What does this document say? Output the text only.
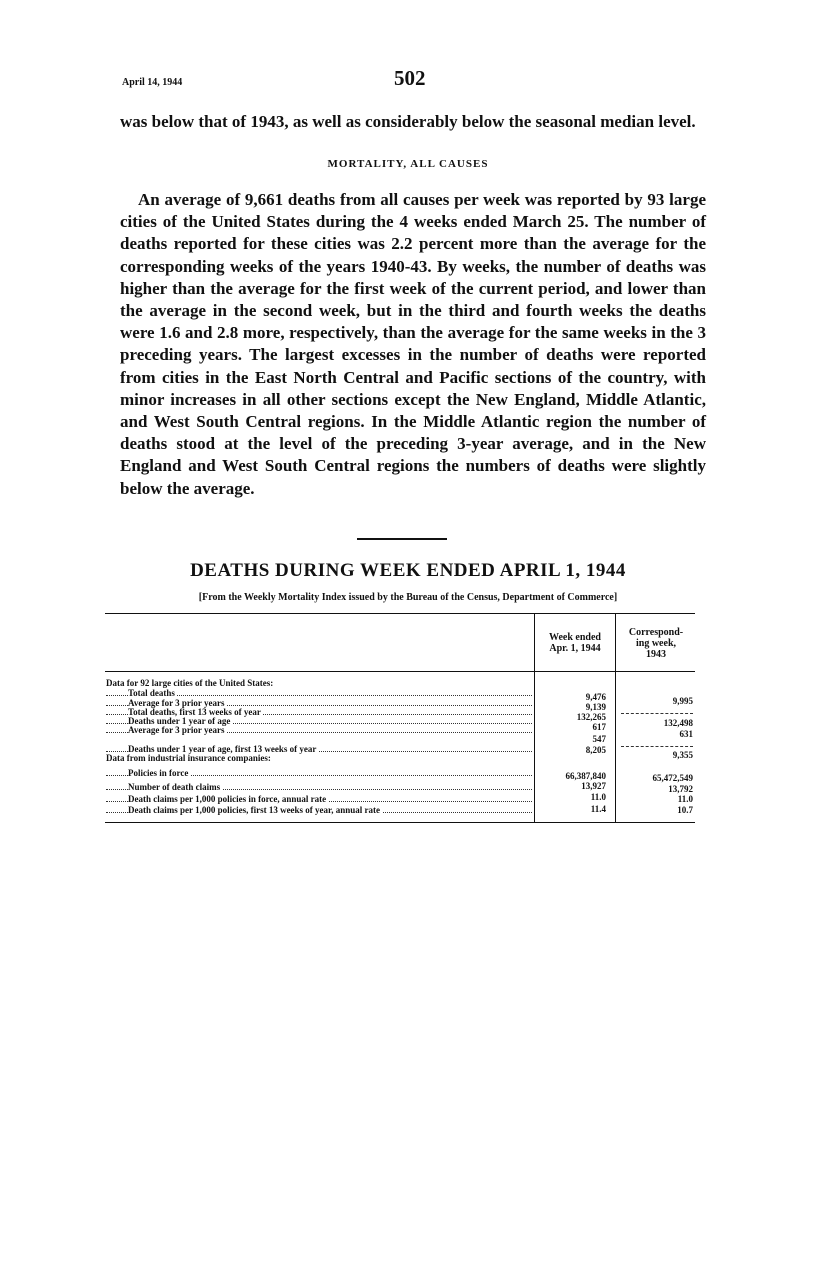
April 14, 1944	502
was below that of 1943, as well as considerably below the seasonal median level.
MORTALITY, ALL CAUSES
An average of 9,661 deaths from all causes per week was reported by 93 large cities of the United States during the 4 weeks ended March 25. The number of deaths reported for these cities was 2.2 percent more than the average for the corresponding weeks of the years 1940-43. By weeks, the number of deaths was higher than the average for the first week of the current period, and lower than the average in the second week, but in the third and fourth weeks the deaths were 1.6 and 2.8 more, respectively, than the average for the same weeks in the 3 preceding years. The largest excesses in the number of deaths were reported from cities in the East North Central and Pacific sections of the country, with minor increases in all other sections except the New England, Middle Atlantic, and West South Central regions. In the Middle Atlantic region the number of deaths stood at the level of the preceding 3-year average, and in the New England and West South Central regions the numbers of deaths were slightly below the average.
DEATHS DURING WEEK ENDED APRIL 1, 1944
[From the Weekly Mortality Index issued by the Bureau of the Census, Department of Commerce]
Week ended
Apr. 1, 1944
Correspond-
ing week,
1943
Data for 92 large cities of the United States:
Total deaths
Average for 3 prior years
Total deaths, first 13 weeks of year
Deaths under 1 year of age
Average for 3 prior years
Deaths under 1 year of age, first 13 weeks of year
Data from industrial insurance companies:
Policies in force
Number of death claims
Death claims per 1,000 policies in force, annual rate
Death claims per 1,000 policies, first 13 weeks of year, annual rate
9,476
9,139
132,265
617
547
8,205
66,387,840
13,927
11.0
11.4
9,995
132,498
631
9,355
65,472,549
13,792
11.0
10.7
